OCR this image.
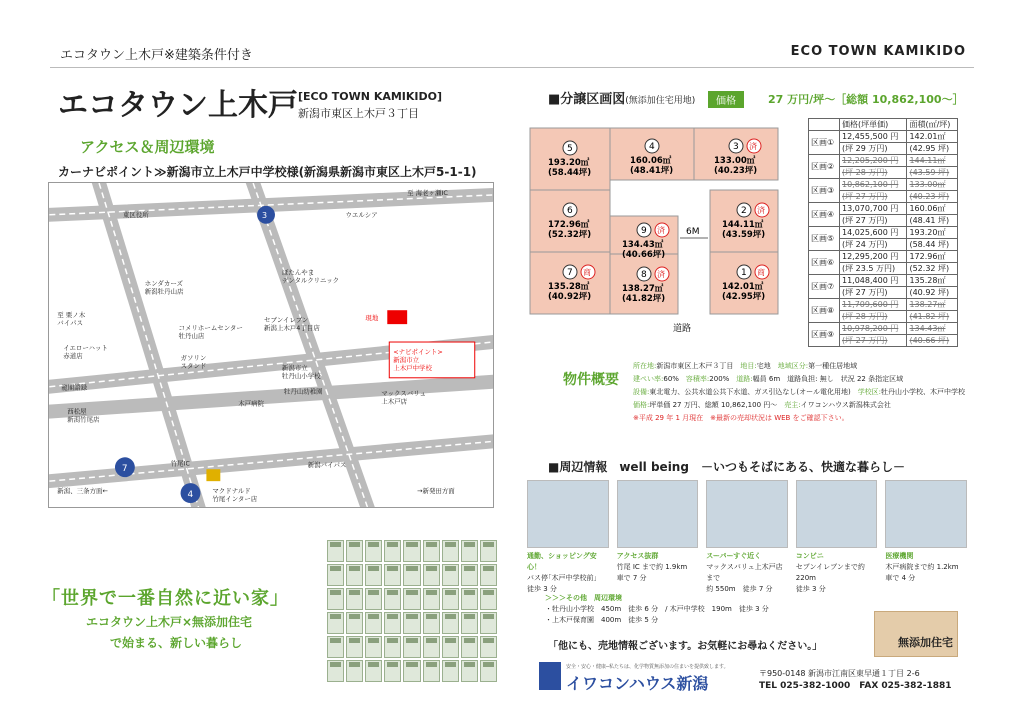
エコタウン上木戸※建築条件付き	ECO TOWN KAMIKIDO
エコタウン上木戸 [ECO TOWN KAMIKIDO]
新潟市東区上木戸３丁目
アクセス＆周辺環境
カーナビポイント≫新潟市立上木戸中学校様(新潟県新潟市東区上木戸5-1-1)
東区役所	3	ウエルシア
至 海老ヶ瀬IC
ぼたんやまデンタルクリニック
ホンダカーズ新潟牡丹山店
至 栗ノ木バイパス
コメリホームセンター牡丹山店
セブンイレブン新潟上木戸4丁目店
現地
イエローハット赤道店	ガソリンスタンド
<ナビポイント>新潟市立上木戸中学校
新潟市立牡丹山小学校
牡丹山幼稚園
木戸病院
龍閣語録
西松屋新潟竹尾店
マックスバリュ上木戸店
竹尾IC	新潟バイパス
7
4	マクドナルド竹尾インター店
新潟、三条方面←	→新発田方面
「世界で一番自然に近い家」
エコタウン上木戸×無添加住宅
で始まる、新しい暮らし
■分譲区画図(無添加住宅用地)	価格	27 万円/坪～［総額 10,862,100～］
6M
道路
5
193.20㎡
(58.44坪)
4
160.06㎡
(48.41坪)
3 済
133.00㎡
(40.23坪)
6
172.96㎡
(52.32坪)
2 済
144.11㎡
(43.59坪)
9 済
134.43㎡
(40.66坪)
7 商
135.28㎡
(40.92坪)
8 済
138.27㎡
(41.82坪)
1 商
142.01㎡
(42.95坪)
	価格(坪単価)	面積(㎡/坪)
区画①	12,455,500 円	142.01㎡
	(坪 29 万円)	(42.95 坪)
区画②	12,205,200 円	144.11㎡
	(坪 28 万円)	(43.59 坪)
区画③	10,862,100 円	133.00㎡
	(坪 27 万円)	(40.23 坪)
区画④	13,070,700 円	160.06㎡
	(坪 27 万円)	(48.41 坪)
区画⑤	14,025,600 円	193.20㎡
	(坪 24 万円)	(58.44 坪)
区画⑥	12,295,200 円	172.96㎡
	(坪 23.5 万円)	(52.32 坪)
区画⑦	11,048,400 円	135.28㎡
	(坪 27 万円)	(40.92 坪)
区画⑧	11,709,600 円	138.27㎡
	(坪 28 万円)	(41.82 坪)
区画⑨	10,978,200 円	134.43㎡
	(坪 27 万円)	(40.66 坪)
物件概要
所在地:新潟市東区上木戸３丁目　地目:宅地　地域区分:第一種住居地域
建ぺい率:60%　容積率:200%　道路:幅員 6m　道路負担: 無し　状況 22 条指定区域
設備:東北電力、公共水道公共下水道、ガス引込なし(オール電化用地)　学校区:牡丹山小学校、木戸中学校
価格:坪単価 27 万円、総額 10,862,100 円～　売主:イワコンハウス新潟株式会社
※平成 29 年 1 月現在　※最新の売却状況は WEB をご確認下さい。
■周辺情報　well being　－いつもそばにある、快適な暮らし－
通勤、ショッピング安心！
バス停｢木戸中学校前｣
徒歩 3 分
アクセス抜群
竹尾 IC まで約 1.9km
車で 7 分
スーパーすぐ近く
マックスバリュ上木戸店まで
約 550m　徒歩 7 分
コンビニ
セブンイレブンまで約 220m
徒歩 3 分
医療機関
木戸病院まで約 1.2km
車で 4 分
＞＞＞その他　周辺環境
・牡丹山小学校　450m　徒歩 6 分　/ 木戸中学校　190m　徒歩 3 分
・上木戸保育園　400m　徒歩 5 分
「他にも、売地情報ございます。お気軽にお尋ねください。」	無添加住宅
安全・安心・健康─私たちは、化学物質無添加の住まいを提供致します。
イワコンハウス新潟
〒950-0148 新潟市江南区東早通１丁目 2-6
TEL 025-382-1000　FAX 025-382-1881
